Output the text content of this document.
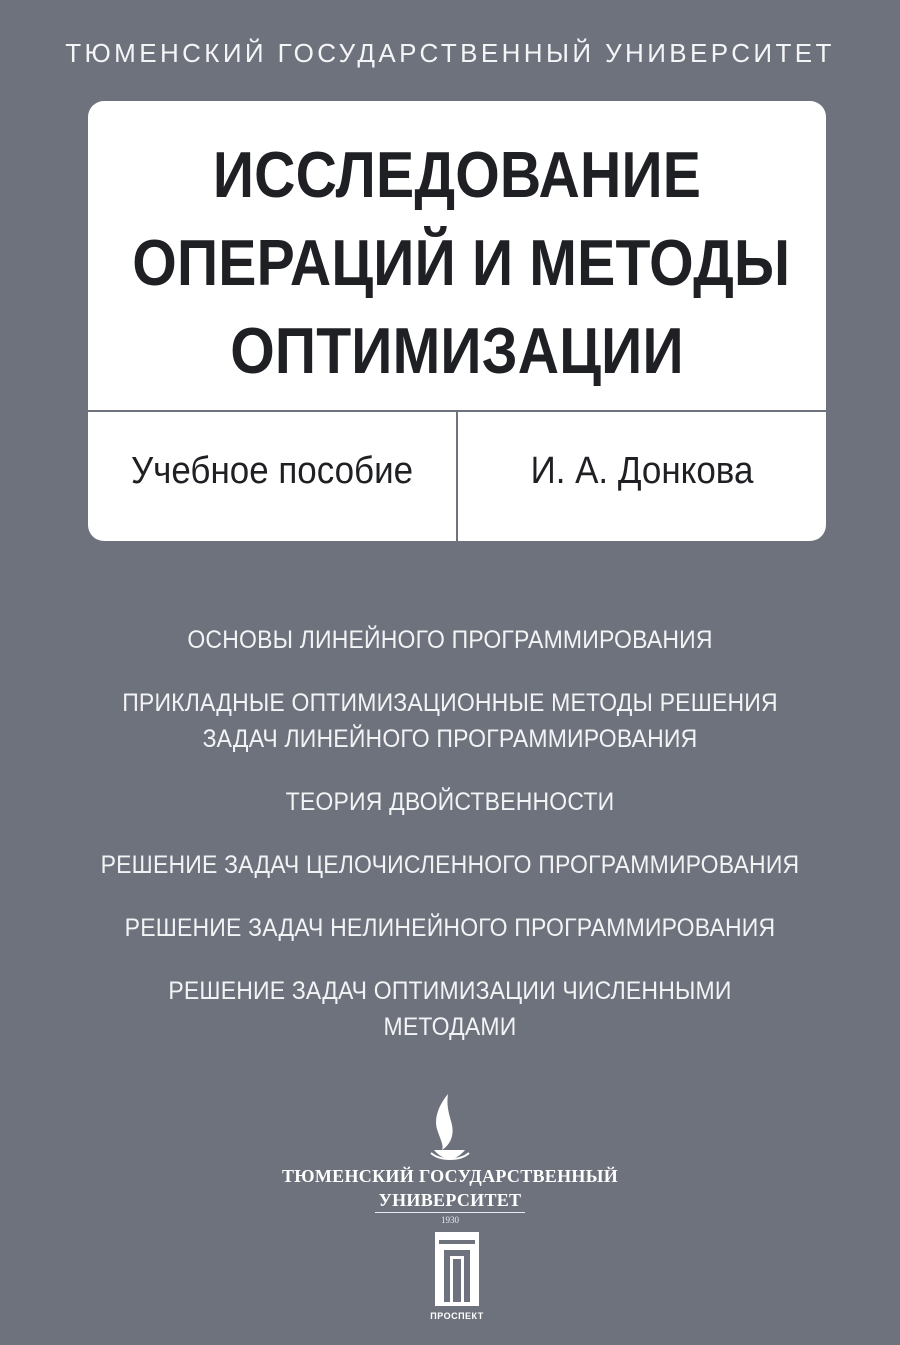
ТЮМЕНСКИЙ ГОСУДАРСТВЕННЫЙ УНИВЕРСИТЕТ
ИССЛЕДОВАНИЕ
ОПЕРАЦИЙ И МЕТОДЫ
ОПТИМИЗАЦИИ
Учебное пособие	И. А. Донкова
ОСНОВЫ ЛИНЕЙНОГО ПРОГРАММИРОВАНИЯ
ПРИКЛАДНЫЕ ОПТИМИЗАЦИОННЫЕ МЕТОДЫ РЕШЕНИЯ ЗАДАЧ ЛИНЕЙНОГО ПРОГРАММИРОВАНИЯ
ТЕОРИЯ ДВОЙСТВЕННОСТИ
РЕШЕНИЕ ЗАДАЧ ЦЕЛОЧИСЛЕННОГО ПРОГРАММИРОВАНИЯ
РЕШЕНИЕ ЗАДАЧ НЕЛИНЕЙНОГО ПРОГРАММИРОВАНИЯ
РЕШЕНИЕ ЗАДАЧ ОПТИМИЗАЦИИ ЧИСЛЕННЫМИ МЕТОДАМИ
ТЮМЕНСКИЙ ГОСУДАРСТВЕННЫЙ
УНИВЕРСИТЕТ
1930
ПРОСПЕКТ
